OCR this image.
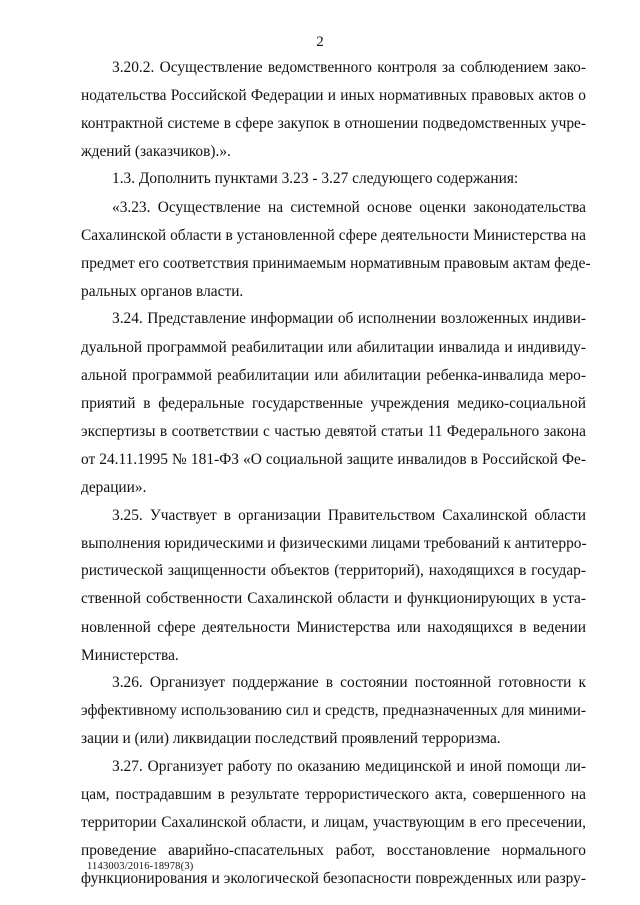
2
3.20.2. Осуществление ведомственного контроля за соблюдением зако-
нодательства Российской Федерации и иных нормативных правовых актов о
контрактной системе в сфере закупок в отношении подведомственных учре-
ждений (заказчиков).».
1.3. Дополнить пунктами 3.23 - 3.27 следующего содержания:
«3.23. Осуществление на системной основе оценки законодательства
Сахалинской области в установленной сфере деятельности Министерства на
предмет его соответствия принимаемым нормативным правовым актам феде-
ральных органов власти.
3.24. Представление информации об исполнении возложенных индиви-
дуальной программой реабилитации или абилитации инвалида и индивиду-
альной программой реабилитации или абилитации ребенка-инвалида меро-
приятий в федеральные государственные учреждения медико-социальной
экспертизы в соответствии с частью девятой статьи 11 Федерального закона
от 24.11.1995 № 181-ФЗ «О социальной защите инвалидов в Российской Фе-
дерации».
3.25. Участвует в организации Правительством Сахалинской области
выполнения юридическими и физическими лицами требований к антитерро-
ристической защищенности объектов (территорий), находящихся в государ-
ственной собственности Сахалинской области и функционирующих в уста-
новленной сфере деятельности Министерства или находящихся в ведении
Министерства.
3.26. Организует поддержание в состоянии постоянной готовности к
эффективному использованию сил и средств, предназначенных для миними-
зации и (или) ликвидации последствий проявлений терроризма.
3.27. Организует работу по оказанию медицинской и иной помощи ли-
цам, пострадавшим в результате террористического акта, совершенного на
территории Сахалинской области, и лицам, участвующим в его пресечении,
проведение аварийно-спасательных работ, восстановление нормального
функционирования и экологической безопасности поврежденных или разру-
1143003/2016-18978(3)
